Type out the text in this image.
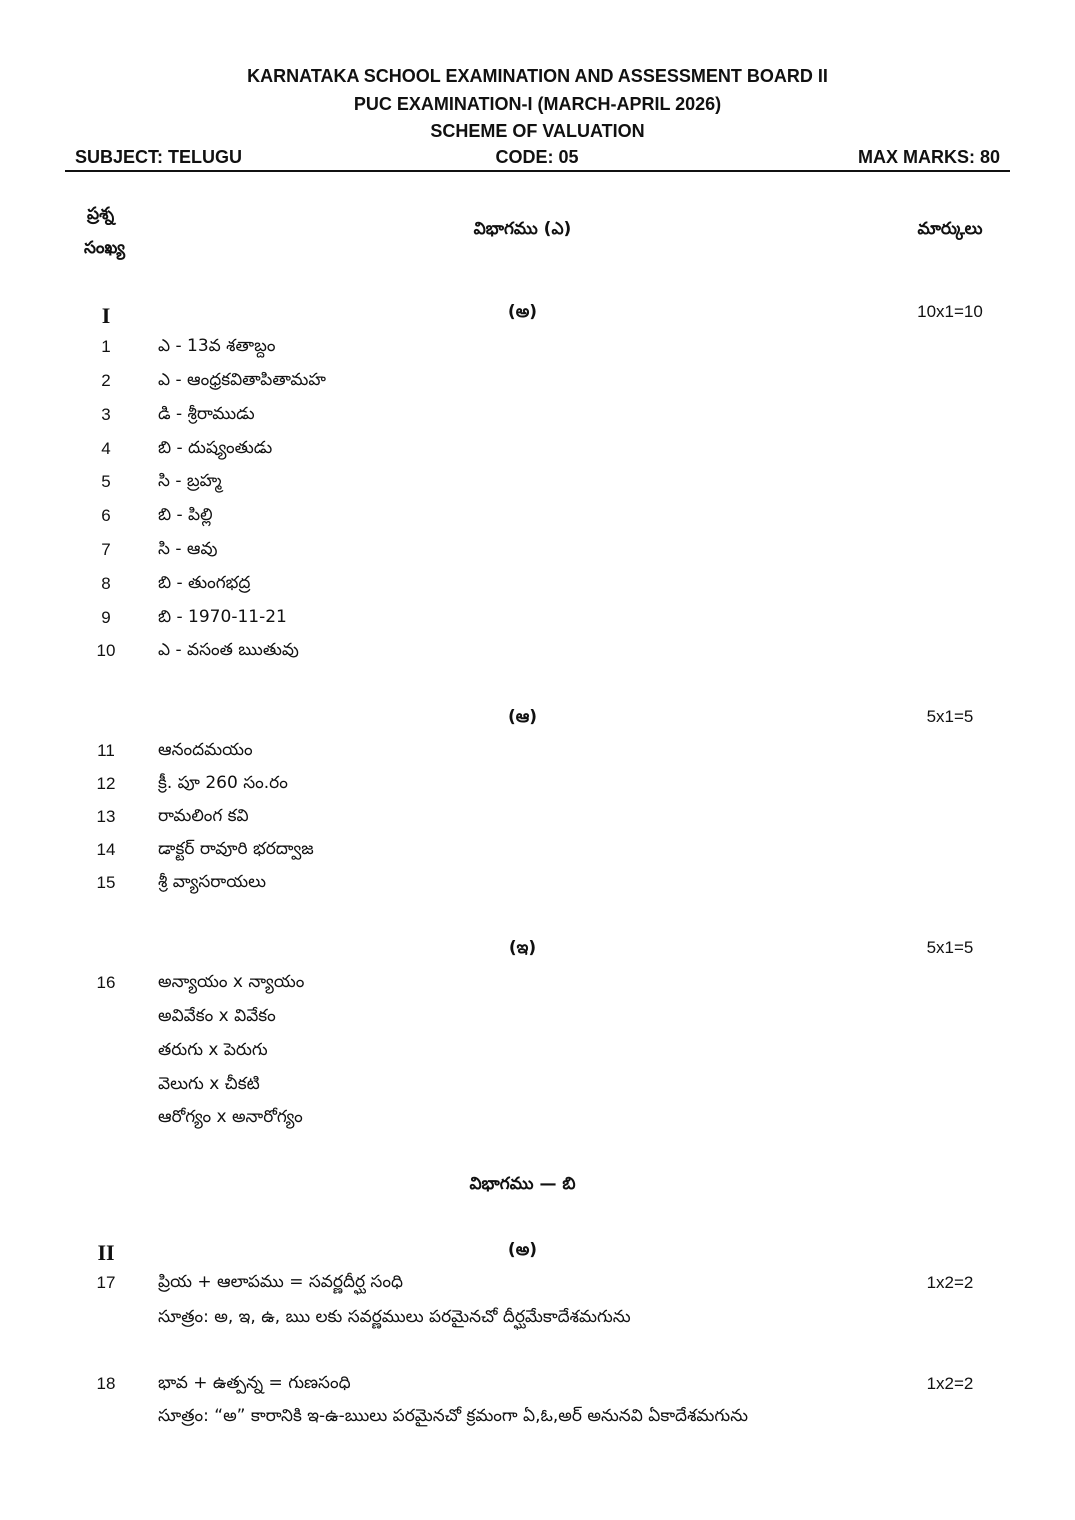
KARNATAKA SCHOOL EXAMINATION AND ASSESSMENT BOARD II
PUC EXAMINATION-I (MARCH-APRIL 2026)
SCHEME OF VALUATION
SUBJECT: TELUGU	CODE: 05	MAX MARKS: 80
ప్రశ్న
సంఖ్య
విభాగము (ఎ)	మార్కులు
I	(అ)	10x1=10
1	ఎ - 13వ శతాబ్దం
2	ఎ - ఆంధ్రకవితాపితామహ
3	డి - శ్రీరాముడు
4	బి - దుష్యంతుడు
5	సి - బ్రహ్మ
6	బి - పిల్లి
7	సి - ఆవు
8	బి - తుంగభద్ర
9	బి - 1970-11-21
10	ఎ - వసంత ఋతువు
(ఆ)	5x1=5
11	ఆనందమయం
12	క్రీ. పూ 260 సం.రం
13	రామలింగ కవి
14	డాక్టర్ రావూరి భరద్వాజ
15	శ్రీ వ్యాసరాయలు
(ఇ)	5x1=5
16	అన్యాయం x న్యాయం
అవివేకం x వివేకం
తరుగు x పెరుగు
వెలుగు x చీకటి
ఆరోగ్యం x అనారోగ్యం
విభాగము — బి
II	(అ)
17	ప్రియ + ఆలాపము = సవర్ణదీర్ఘ సంధి	1x2=2
సూత్రం: అ, ఇ, ఉ, ఋ లకు సవర్ణములు పరమైనచో దీర్ఘమేకాదేశమగును
18	భావ + ఉత్పన్న = గుణసంధి	1x2=2
సూత్రం: “అ” కారానికి ఇ-ఉ-ఋలు పరమైనచో క్రమంగా ఏ,ఓ,అర్ అనునవి ఏకాదేశమగును
